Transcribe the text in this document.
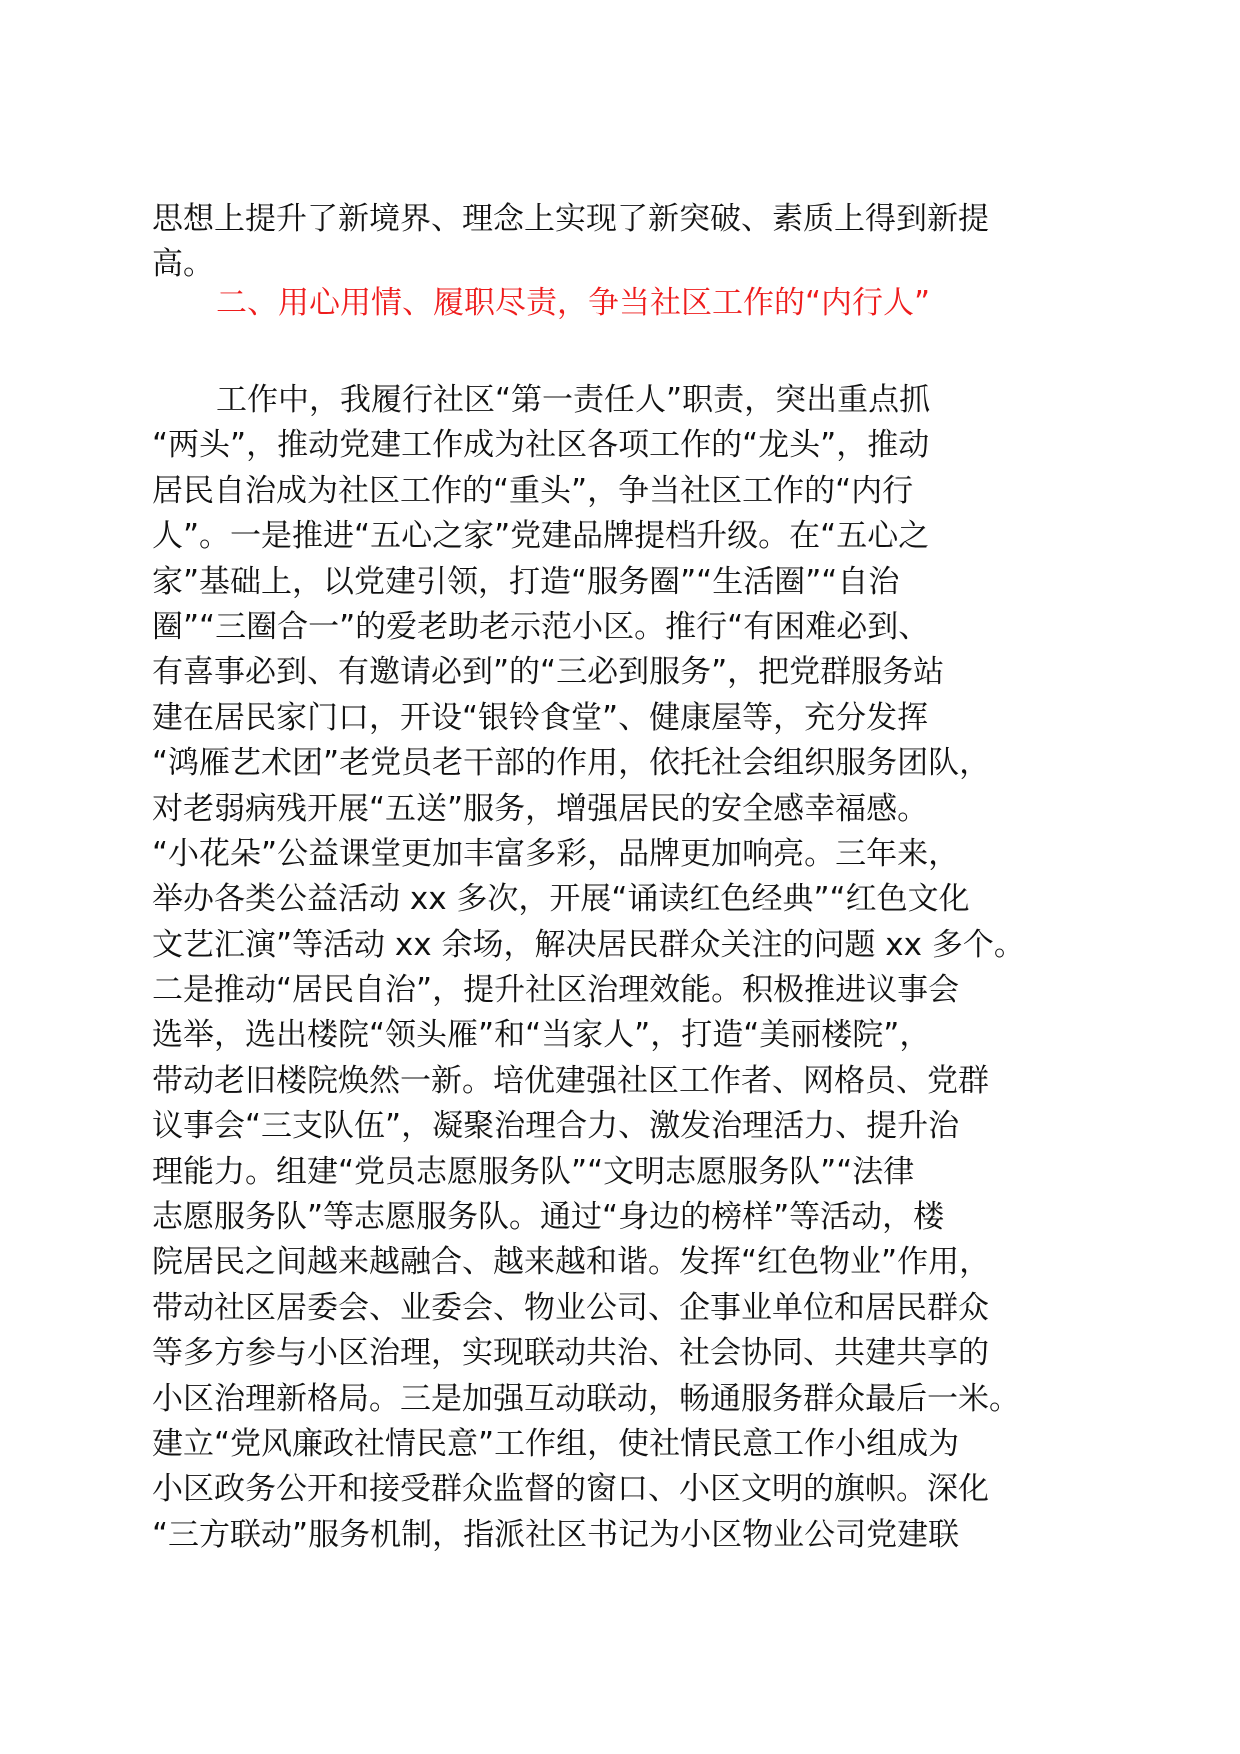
思想上提升了新境界、理念上实现了新突破、素质上得到新提
高。
二、用心用情、履职尽责，争当社区工作的“内行人”
工作中，我履行社区“第一责任人”职责，突出重点抓
“两头”，推动党建工作成为社区各项工作的“龙头”，推动
居民自治成为社区工作的“重头”，争当社区工作的“内行
人”。一是推进“五心之家”党建品牌提档升级。在“五心之
家”基础上，以党建引领，打造“服务圈”“生活圈”“自治
圈”“三圈合一”的爱老助老示范小区。推行“有困难必到、
有喜事必到、有邀请必到”的“三必到服务”，把党群服务站
建在居民家门口，开设“银铃食堂”、健康屋等，充分发挥
“鸿雁艺术团”老党员老干部的作用，依托社会组织服务团队，
对老弱病残开展“五送”服务，增强居民的安全感幸福感。
“小花朵”公益课堂更加丰富多彩，品牌更加响亮。三年来，
举办各类公益活动 xx 多次，开展“诵读红色经典”“红色文化
文艺汇演”等活动 xx 余场，解决居民群众关注的问题 xx 多个。
二是推动“居民自治”，提升社区治理效能。积极推进议事会
选举，选出楼院“领头雁”和“当家人”，打造“美丽楼院”，
带动老旧楼院焕然一新。培优建强社区工作者、网格员、党群
议事会“三支队伍”，凝聚治理合力、激发治理活力、提升治
理能力。组建“党员志愿服务队”“文明志愿服务队”“法律
志愿服务队”等志愿服务队。通过“身边的榜样”等活动，楼
院居民之间越来越融合、越来越和谐。发挥“红色物业”作用，
带动社区居委会、业委会、物业公司、企事业单位和居民群众
等多方参与小区治理，实现联动共治、社会协同、共建共享的
小区治理新格局。三是加强互动联动，畅通服务群众最后一米。
建立“党风廉政社情民意”工作组，使社情民意工作小组成为
小区政务公开和接受群众监督的窗口、小区文明的旗帜。深化
“三方联动”服务机制，指派社区书记为小区物业公司党建联
